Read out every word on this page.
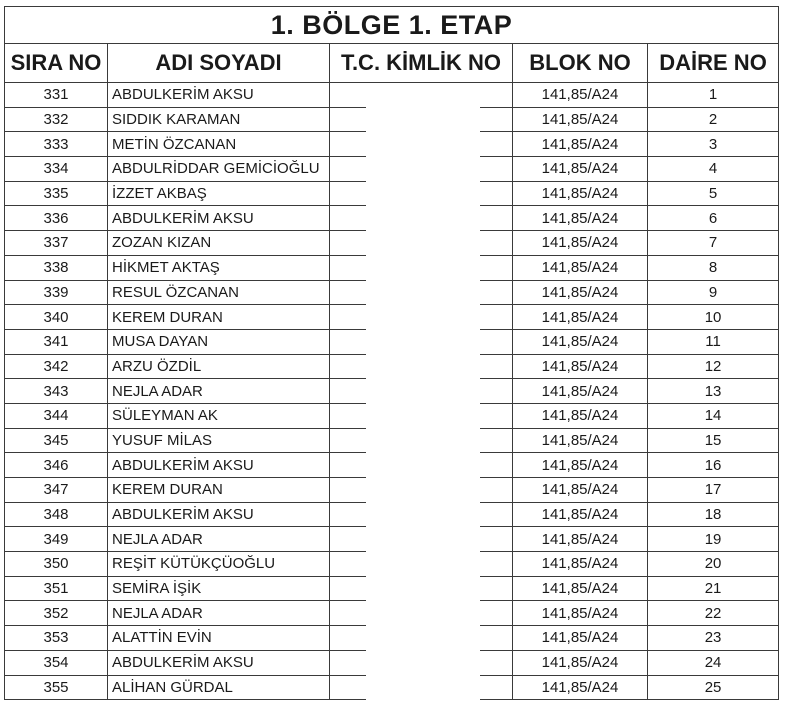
1. BÖLGE 1. ETAP				
SIRA NO	ADI SOYADI	T.C. KİMLİK NO	BLOK NO	DAİRE NO
331	ABDULKERİM AKSU		141,85/A24	1
332	SIDDIK KARAMAN		141,85/A24	2
333	METİN ÖZCANAN		141,85/A24	3
334	ABDULRİDDAR GEMİCİOĞLU		141,85/A24	4
335	İZZET AKBAŞ		141,85/A24	5
336	ABDULKERİM AKSU		141,85/A24	6
337	ZOZAN KIZAN		141,85/A24	7
338	HİKMET AKTAŞ		141,85/A24	8
339	RESUL ÖZCANAN		141,85/A24	9
340	KEREM DURAN		141,85/A24	10
341	MUSA DAYAN		141,85/A24	11
342	ARZU ÖZDİL		141,85/A24	12
343	NEJLA ADAR		141,85/A24	13
344	SÜLEYMAN AK		141,85/A24	14
345	YUSUF MİLAS		141,85/A24	15
346	ABDULKERİM AKSU		141,85/A24	16
347	KEREM DURAN		141,85/A24	17
348	ABDULKERİM AKSU		141,85/A24	18
349	NEJLA ADAR		141,85/A24	19
350	REŞİT KÜTÜKÇÜOĞLU		141,85/A24	20
351	SEMİRA İŞİK		141,85/A24	21
352	NEJLA ADAR		141,85/A24	22
353	ALATTİN EVİN		141,85/A24	23
354	ABDULKERİM AKSU		141,85/A24	24
355	ALİHAN GÜRDAL		141,85/A24	25
